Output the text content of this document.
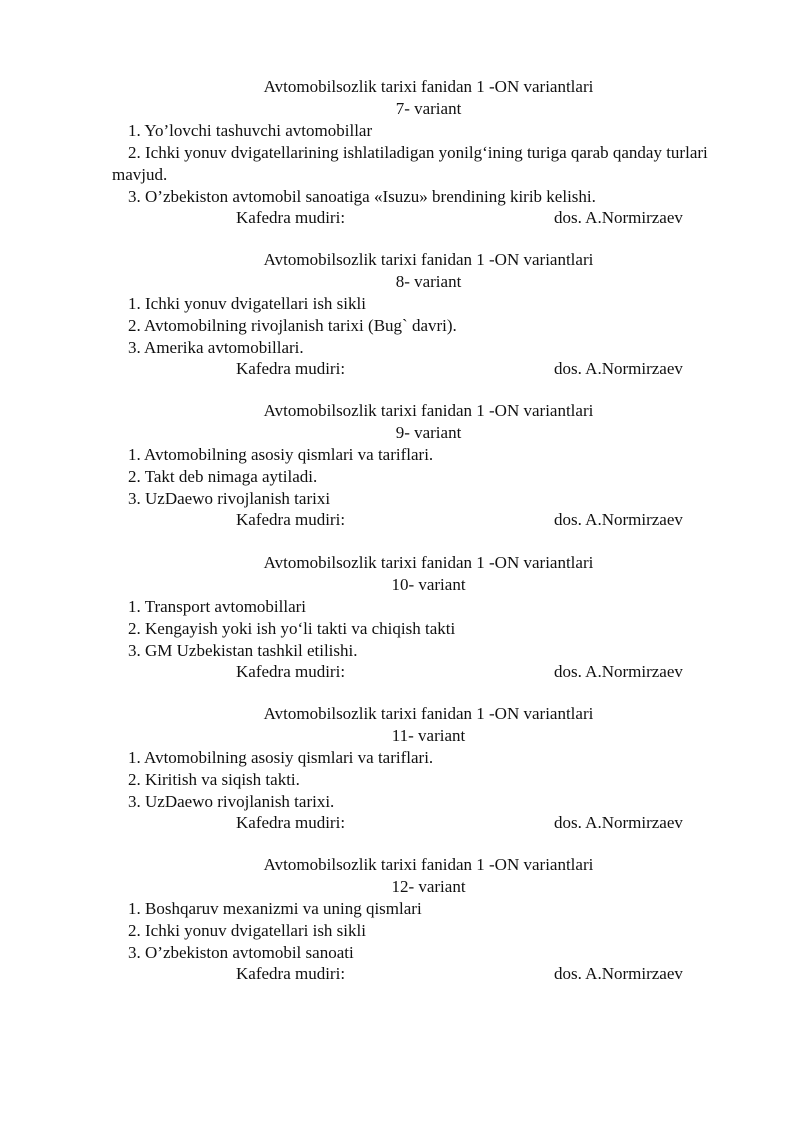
Avtomobilsozlik tarixi fanidan 1 -ON variantlari
7- variant
1. Yo’lovchi tashuvchi avtomobillar
2. Ichki yonuv dvigatellarining ishlatiladigan yonilg‘ining turiga qarab qanday turlari mavjud.
3. O’zbekiston avtomobil sanoatiga «Isuzu» brendining kirib kelishi.
Kafedra mudiri:	dos. A.Normirzaev
Avtomobilsozlik tarixi fanidan 1 -ON variantlari
8- variant
1. Ichki yonuv dvigatellari ish sikli
2. Avtomobilning rivojlanish tarixi (Bug` davri).
3. Amerika avtomobillari.
Kafedra mudiri:	dos. A.Normirzaev
Avtomobilsozlik tarixi fanidan 1 -ON variantlari
9- variant
1. Avtomobilning asosiy qismlari va tariflari.
2. Takt deb nimaga aytiladi.
3. UzDaewo rivojlanish tarixi
Kafedra mudiri:	dos. A.Normirzaev
Avtomobilsozlik tarixi fanidan 1 -ON variantlari
10- variant
1. Transport avtomobillari
2. Kengayish yoki ish yo‘li takti va chiqish takti
3. GM Uzbekistan tashkil etilishi.
Kafedra mudiri:	dos. A.Normirzaev
Avtomobilsozlik tarixi fanidan 1 -ON variantlari
11- variant
1. Avtomobilning asosiy qismlari va tariflari.
2. Kiritish va siqish takti.
3. UzDaewo rivojlanish tarixi.
Kafedra mudiri:	dos. A.Normirzaev
Avtomobilsozlik tarixi fanidan 1 -ON variantlari
12- variant
1. Boshqaruv mexanizmi va uning qismlari
2. Ichki yonuv dvigatellari ish sikli
3. O’zbekiston avtomobil sanoati
Kafedra mudiri:	dos. A.Normirzaev
